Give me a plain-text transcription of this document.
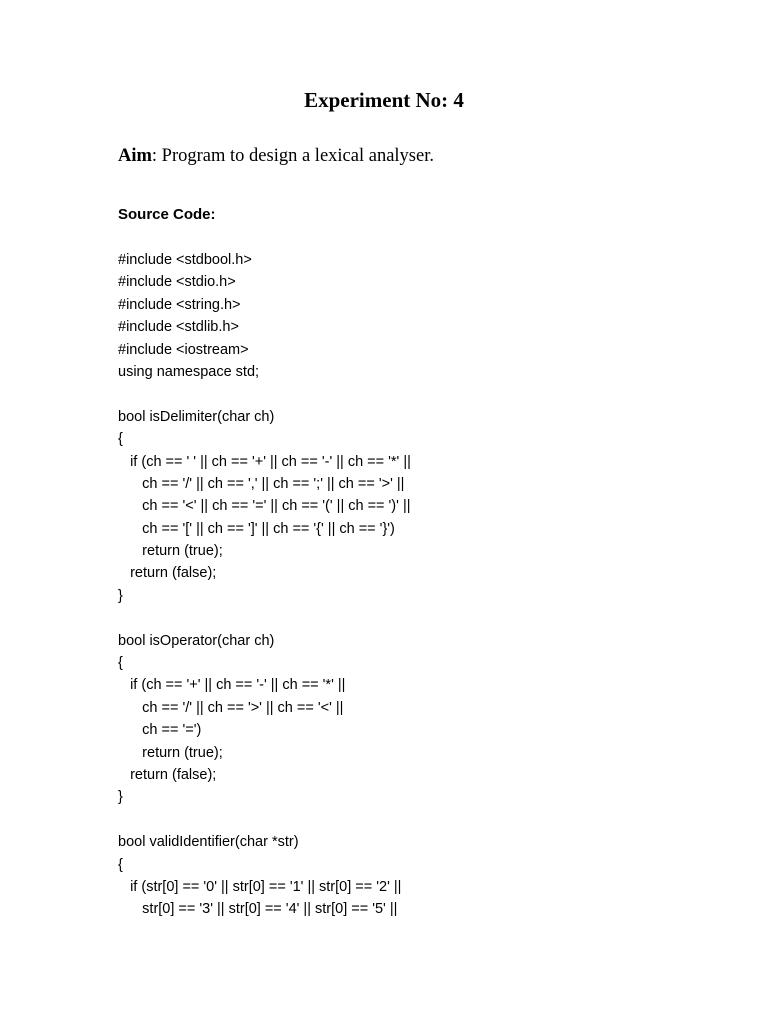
Experiment No: 4

Aim: Program to design a lexical analyser.

Source Code:
#include <stdbool.h>
#include <stdio.h>
#include <string.h>
#include <stdlib.h>
#include <iostream>
using namespace std;
bool isDelimiter(char ch)
{
if (ch == ' ' || ch == '+' || ch == '-' || ch == '*' ||
ch == '/' || ch == ',' || ch == ';' || ch == '>' ||
ch == '<' || ch == '=' || ch == '(' || ch == ')' ||
ch == '[' || ch == ']' || ch == '{' || ch == '}')
return (true);
return (false);
}
bool isOperator(char ch)
{
if (ch == '+' || ch == '-' || ch == '*' ||
ch == '/' || ch == '>' || ch == '<' ||
ch == '=')
return (true);
return (false);
}
bool validIdentifier(char *str)
{
if (str[0] == '0' || str[0] == '1' || str[0] == '2' ||
str[0] == '3' || str[0] == '4' || str[0] == '5' ||
